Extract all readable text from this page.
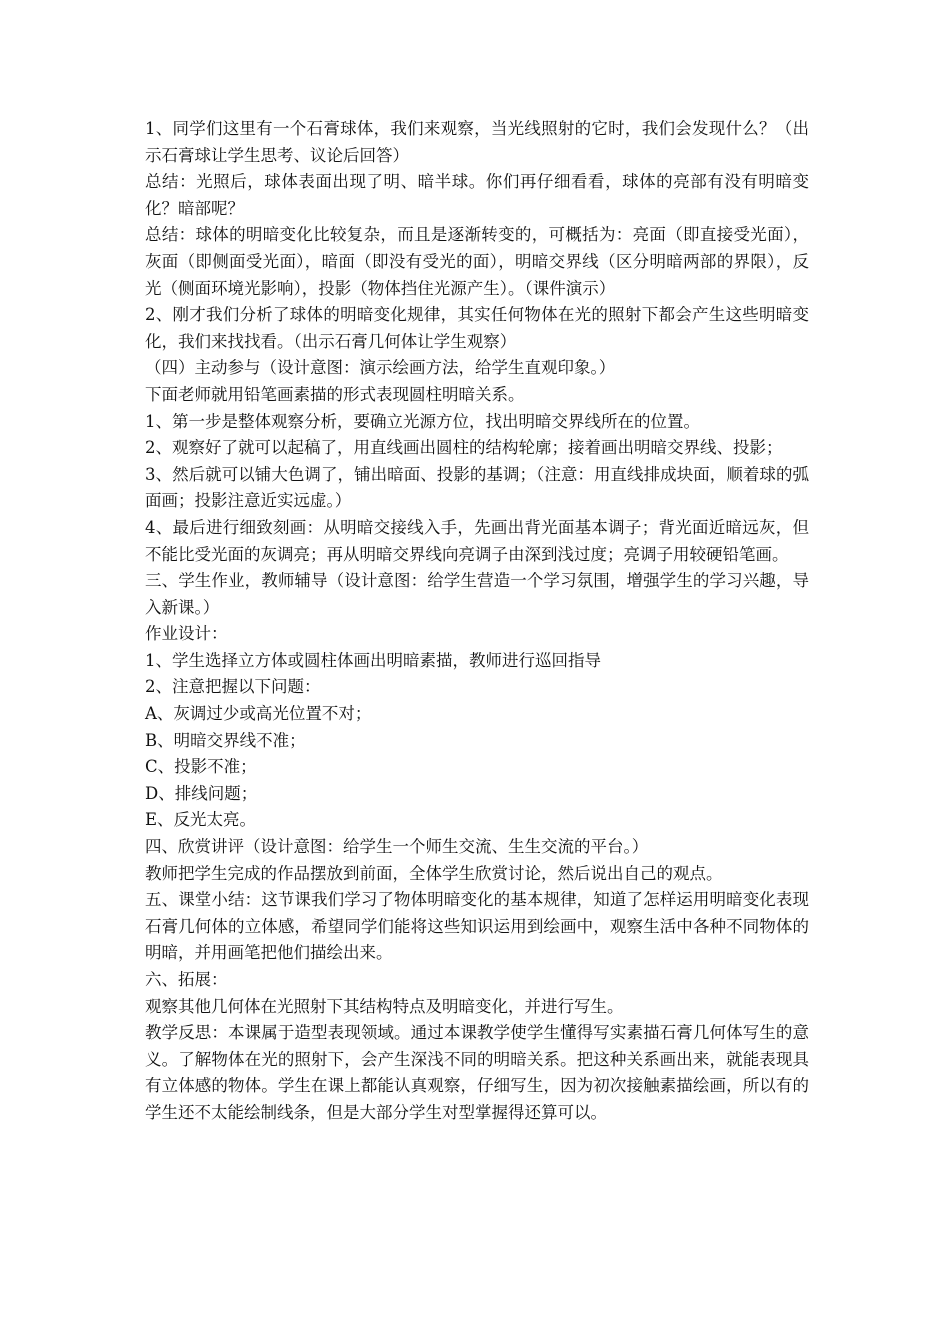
1、同学们这里有一个石膏球体，我们来观察，当光线照射的它时，我们会发现什么？（出示石膏球让学生思考、议论后回答）

总结：光照后，球体表面出现了明、暗半球。你们再仔细看看，球体的亮部有没有明暗变化？暗部呢？

总结：球体的明暗变化比较复杂，而且是逐渐转变的，可概括为：亮面（即直接受光面），灰面（即侧面受光面），暗面（即没有受光的面），明暗交界线（区分明暗两部的界限），反光（侧面环境光影响），投影（物体挡住光源产生）。（课件演示）

2、刚才我们分析了球体的明暗变化规律，其实任何物体在光的照射下都会产生这些明暗变化，我们来找找看。（出示石膏几何体让学生观察）

（四）主动参与（设计意图：演示绘画方法，给学生直观印象。）

下面老师就用铅笔画素描的形式表现圆柱明暗关系。

1、第一步是整体观察分析，要确立光源方位，找出明暗交界线所在的位置。

2、观察好了就可以起稿了，用直线画出圆柱的结构轮廓；接着画出明暗交界线、投影；

3、然后就可以铺大色调了，铺出暗面、投影的基调；（注意：用直线排成块面，顺着球的弧面画；投影注意近实远虚。）

4、最后进行细致刻画：从明暗交接线入手，先画出背光面基本调子；背光面近暗远灰，但不能比受光面的灰调亮；再从明暗交界线向亮调子由深到浅过度；亮调子用较硬铅笔画。

三、学生作业，教师辅导（设计意图：给学生营造一个学习氛围，增强学生的学习兴趣，导入新课。）

作业设计：

1、学生选择立方体或圆柱体画出明暗素描，教师进行巡回指导

2、注意把握以下问题：

A、灰调过少或高光位置不对；

B、明暗交界线不准；

C、投影不准；

D、排线问题；

E、反光太亮。

四、欣赏讲评（设计意图：给学生一个师生交流、生生交流的平台。）

教师把学生完成的作品摆放到前面，全体学生欣赏讨论，然后说出自己的观点。

五、课堂小结：这节课我们学习了物体明暗变化的基本规律，知道了怎样运用明暗变化表现石膏几何体的立体感，希望同学们能将这些知识运用到绘画中，观察生活中各种不同物体的明暗，并用画笔把他们描绘出来。

六、拓展：

观察其他几何体在光照射下其结构特点及明暗变化，并进行写生。

教学反思：本课属于造型表现领域。通过本课教学使学生懂得写实素描石膏几何体写生的意义。了解物体在光的照射下，会产生深浅不同的明暗关系。把这种关系画出来，就能表现具有立体感的物体。学生在课上都能认真观察，仔细写生，因为初次接触素描绘画，所以有的学生还不太能绘制线条，但是大部分学生对型掌握得还算可以。
